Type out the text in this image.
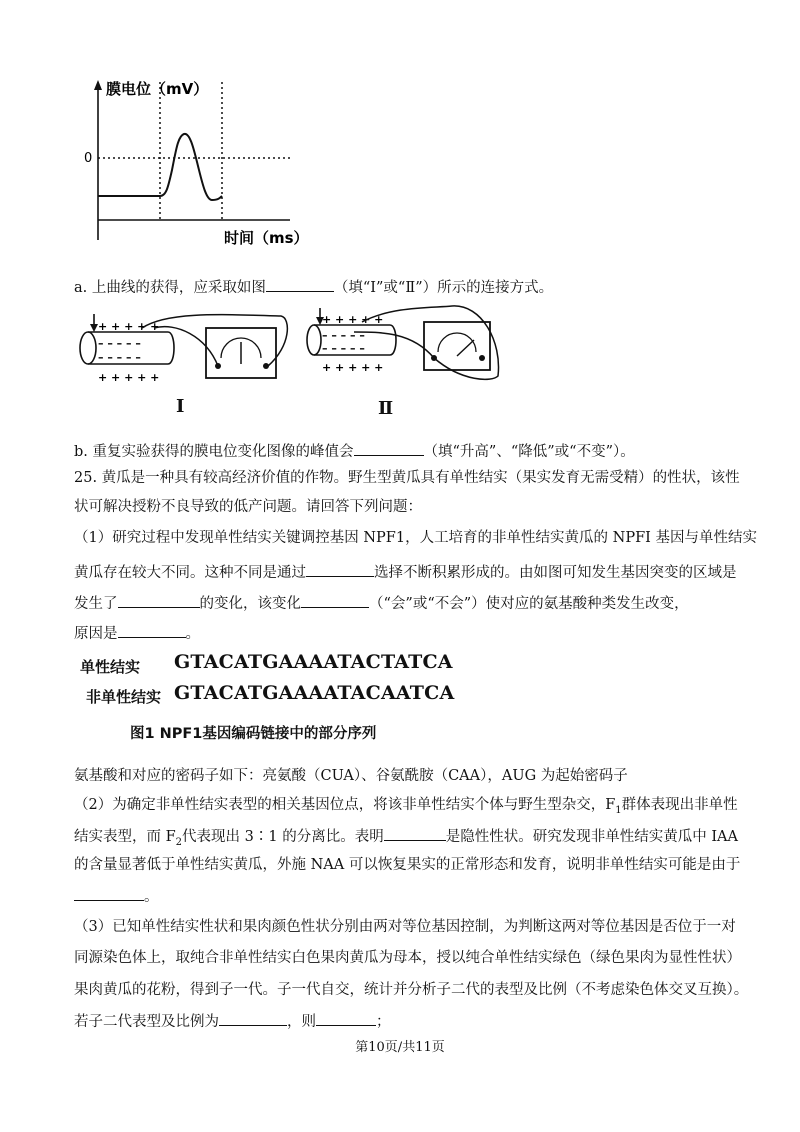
膜电位（mV）
0
时间（ms）
a. 上曲线的获得，应采取如图	（填“Ⅰ”或“Ⅱ”）所示的连接方式。
+ + + + +
– – – – –
– – – – –
+ + + + +
Ⅰ
+ + + + +
– – – – –
– – – – –
+ + + + +
Ⅱ
b. 重复实验获得的膜电位变化图像的峰值会	（填“升高”、“降低”或“不变”）。
25. 黄瓜是一种具有较高经济价值的作物。野生型黄瓜具有单性结实（果实发育无需受精）的性状，该性
状可解决授粉不良导致的低产问题。请回答下列问题：
（1）研究过程中发现单性结实关键调控基因 NPF1，人工培育的非单性结实黄瓜的 NPFI 基因与单性结实
黄瓜存在较大不同。这种不同是通过	选择不断积累形成的。由如图可知发生基因突变的区域是
发生了	的变化，该变化	（“会”或“不会”）使对应的氨基酸种类发生改变，
原因是	。
单性结实 GTACATGAAAATACTATCA
非单性结实 GTACATGAAAATACAATCA
图1 NPF1基因编码链接中的部分序列
氨基酸和对应的密码子如下：亮氨酸（CUA）、谷氨酰胺（CAA），AUG 为起始密码子
（2）为确定非单性结实表型的相关基因位点，将该非单性结实个体与野生型杂交，$F_1$群体表现出非单性
结实表型，而 $F_2$代表现出 3∶1 的分离比。表明	是隐性性状。研究发现非单性结实黄瓜中 IAA
的含量显著低于单性结实黄瓜，外施 NAA 可以恢复果实的正常形态和发育，说明非单性结实可能是由于
。
（3）已知单性结实性状和果肉颜色性状分别由两对等位基因控制，为判断这两对等位基因是否位于一对
同源染色体上，取纯合非单性结实白色果肉黄瓜为母本，授以纯合单性结实绿色（绿色果肉为显性性状）
果肉黄瓜的花粉，得到子一代。子一代自交，统计并分析子二代的表型及比例（不考虑染色体交叉互换）。
若子二代表型及比例为	，则	；
第10页/共11页
